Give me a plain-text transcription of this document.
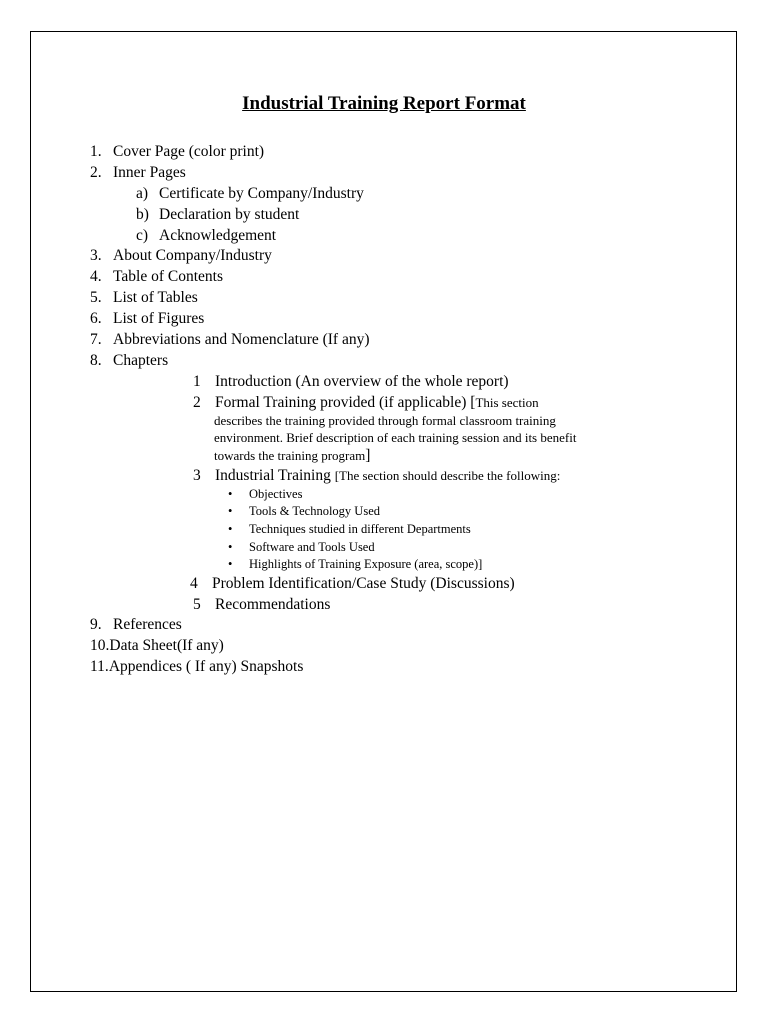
Industrial Training Report Format
1. Cover Page (color print)
2. Inner Pages
a) Certificate by Company/Industry
b) Declaration by student
c) Acknowledgement
3. About Company/Industry
4. Table of Contents
5. List of Tables
6. List of Figures
7. Abbreviations and Nomenclature (If any)
8. Chapters
1 Introduction (An overview of the whole report)
2 Formal Training provided (if applicable) [This section
describes the training provided through formal classroom training
environment. Brief description of each training session and its benefit
towards the training program]
3 Industrial Training [The section should describe the following:
• Objectives
• Tools & Technology Used
• Techniques studied in different Departments
• Software and Tools Used
• Highlights of Training Exposure (area, scope)]
4 Problem Identification/Case Study (Discussions)
5 Recommendations
9. References
10.Data Sheet(If any)
11.Appendices ( If any) Snapshots
